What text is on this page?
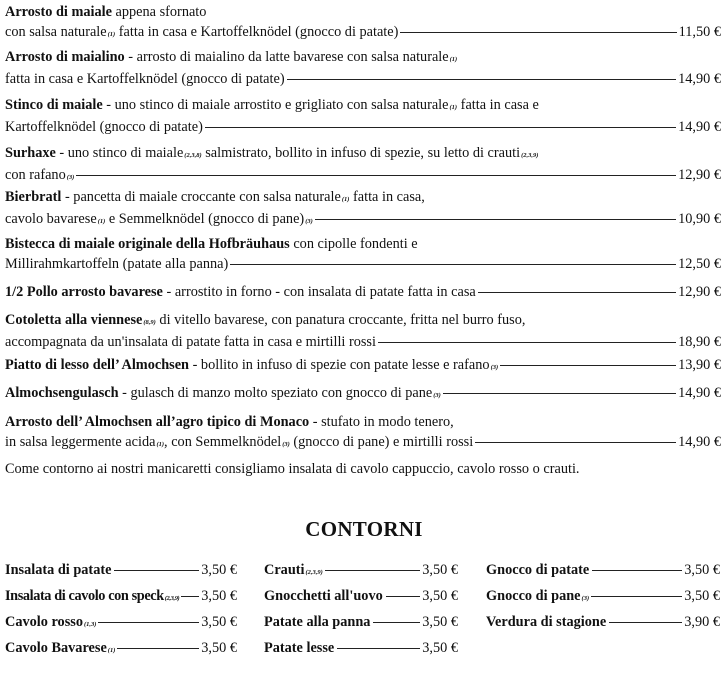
Arrosto di maiale appena sfornato
con salsa naturale(1) fatta in casa e Kartoffelknödel (gnocco di patate)	11,50 €
Arrosto di maialino - arrosto di maialino da latte bavarese con salsa naturale(1)
fatta in casa e Kartoffelknödel (gnocco di patate)	14,90 €
Stinco di maiale - uno stinco di maiale arrostito e grigliato con salsa naturale(1) fatta in casa e
Kartoffelknödel (gnocco di patate)	14,90 €
Surhaxe - uno stinco di maiale(2,3,8) salmistrato, bollito in infuso di spezie, su letto di crauti(2,3,9)
con rafano(3)	12,90 €
Bierbratl - pancetta di maiale croccante con salsa naturale(1) fatta in casa,
cavolo bavarese(1) e Semmelknödel (gnocco di pane)(3)	10,90 €
Bistecca di maiale originale della Hofbräuhaus con cipolle fondenti e
Millirahmkartoffeln (patate alla panna)	12,50 €
1/2 Pollo arrosto bavarese - arrostito in forno - con insalata di patate fatta in casa	12,90 €
Cotoletta alla viennese(8,9) di vitello bavarese, con panatura croccante, fritta nel burro fuso,
accompagnata da un'insalata di patate fatta in casa e mirtilli rossi	18,90 €
Piatto di lesso dell’ Almochsen - bollito in infuso di spezie con patate lesse e rafano(3)	13,90 €
Almochsengulasch - gulasch di manzo molto speziato con gnocco di pane(3)	14,90 €
Arrosto dell’ Almochsen all’agro tipico di Monaco - stufato in modo tenero,
in salsa leggermente acida(1), con Semmelknödel(3) (gnocco di pane) e mirtilli rossi	14,90 €
Come contorno ai nostri manicaretti consigliamo insalata di cavolo cappuccio, cavolo rosso o crauti.
CONTORNI
Insalata di patate	3,50 €
Insalata di cavolo con speck(2,3,9) 3,50 €
Cavolo rosso(1,3)	3,50 €
Cavolo Bavarese(1)	3,50 €
Crauti(2,3,9)	3,50 €
Gnocchetti all'uovo	3,50 €
Patate alla panna	3,50 €
Patate lesse	3,50 €
Gnocco di patate	3,50 €
Gnocco di pane(3)	3,50 €
Verdura di stagione	3,90 €
